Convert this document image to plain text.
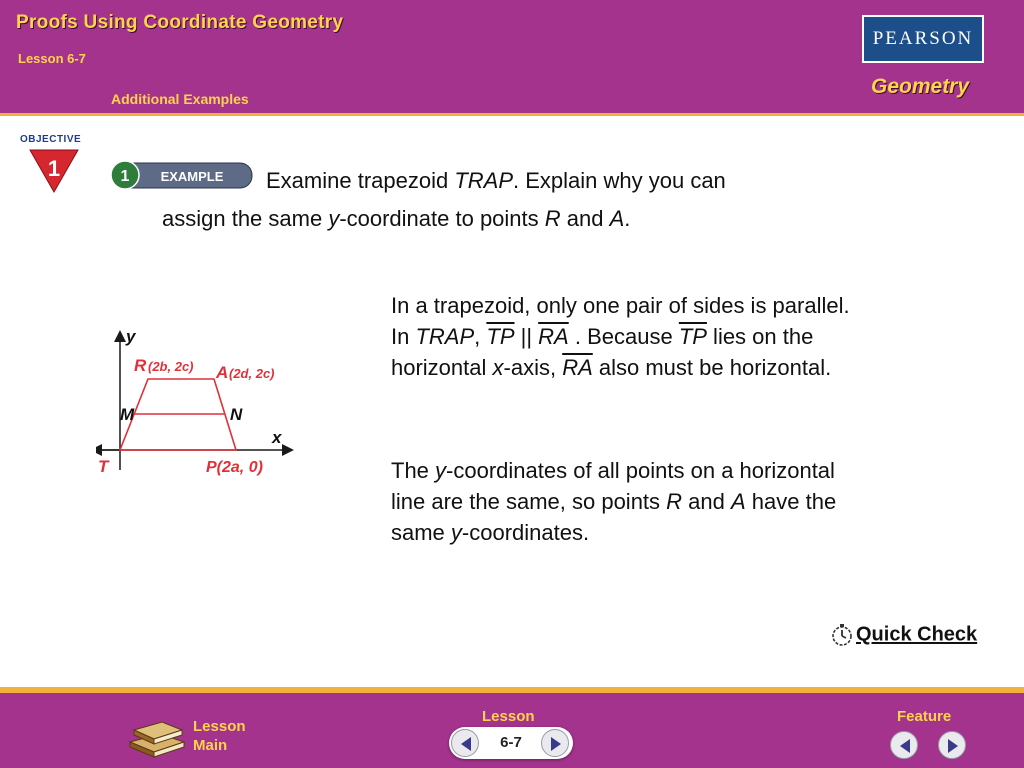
Proofs Using Coordinate Geometry
Lesson 6-7
Additional Examples
PEARSON
Geometry
OBJECTIVE
1	1 EXAMPLE Examine trapezoid TRAP. Explain why you can
assign the same y-coordinate to points R and A.
In a trapezoid, only one pair of sides is parallel.
In TRAP, $\overline{TP}$ || $\overline{RA}$ . Because $\overline{TP}$ lies on the
horizontal x-axis, $\overline{RA}$ also must be horizontal.
The y-coordinates of all points on a horizontal
line are the same, so points R and A have the
same y-coordinates.
y
x
R (2b, 2c) A (2d, 2c)
M	N
T	P(2a, 0)
Quick Check
Lesson
Main
Lesson
6-7
Feature
